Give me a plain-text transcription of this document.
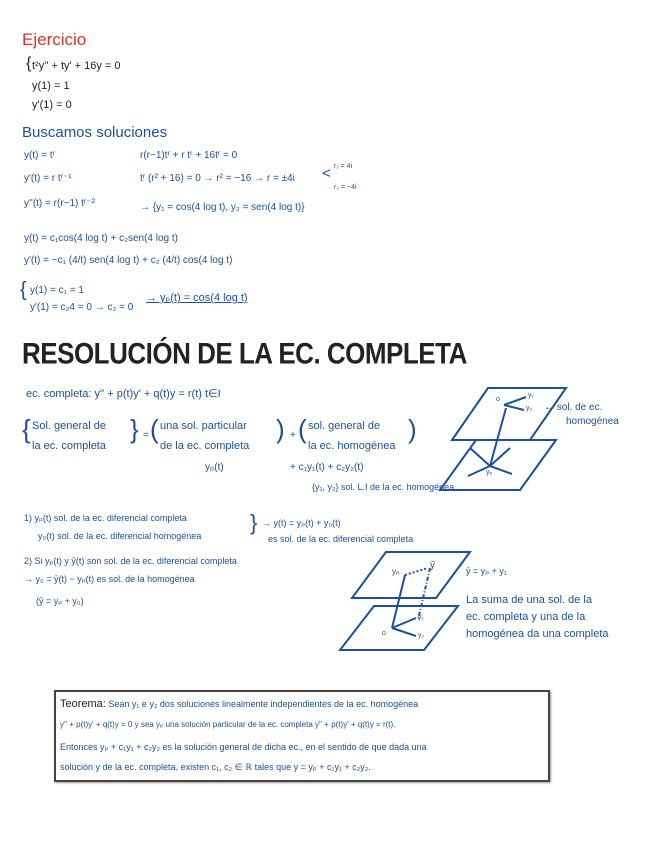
Ejercicio
{ t²y'' + ty' + 16y = 0
y(1) = 1
y'(1) = 0
Buscamos soluciones
y(t) = tʳ
y'(t) = r tʳ⁻¹
y''(t) = r(r−1) tʳ⁻²
r(r−1)tʳ + r tʳ + 16tʳ = 0
tʳ (r² + 16) = 0 → r² = −16 → r = ±4i
→ {y₁ = cos(4 log t), y₂ = sen(4 log t)}
< r₁ = 4i
r₂ = −4i
y(t) = c₁cos(4 log t) + c₂sen(4 log t)
y'(t) = −c₁ (4/t) sen(4 log t) + c₂ (4/t) cos(4 log t)
{ y(1) = c₁ = 1
y'(1) = c₂4 = 0 → c₂ = 0
→ yₚ(t) = cos(4 log t)
RESOLUCIÓN DE LA EC. COMPLETA
ec. completa: y'' + p(t)y' + q(t)y = r(t) t∈I
{ Sol. general de
la ec. completa
} = ( una sol. particular
de la ec. completa
) + ( sol. general de
la ec. homogénea
)
yₚ(t)	+ c₁y₁(t) + c₂y₂(t)
{y₁, y₂} sol. L.I de la ec. homogénea
o
y₁
y₂
yₚ
← sol. de ec.
homogénea
1) yₚ(t) sol. de la ec. diferencial completa
y₀(t) sol. de la ec. diferencial homogénea
} → y(t) = yₚ(t) + y₀(t)
es sol. de la ec. diferencial completa
2) Si yₚ(t) y ȳ(t) son sol. de la ec. diferencial completa
→ y₀ = ȳ(t) − yₚ(t) es sol. de la homogénea
(ȳ = yₚ + y₀)
yₚ
ȳ
y₁
y₂
o
ȳ = yₚ + y₁
La suma de una sol. de la
ec. completa y una de la
homogénea da una completa
Teorema: Sean y₁ e y₂ dos soluciones linealmente independientes de la ec. homogénea
y'' + p(t)y' + q(t)y = 0 y sea yₚ una solución particular de la ec. completa y'' + p(t)y' + q(t)y = r(t).
Entonces yₚ + c₁y₁ + c₂y₂ es la solución general de dicha ec., en el sentido de que dada una
solución y de la ec. completa, existen c₁, c₂ ∈ ℝ tales que y = yₚ + c₁y₁ + c₂y₂.
